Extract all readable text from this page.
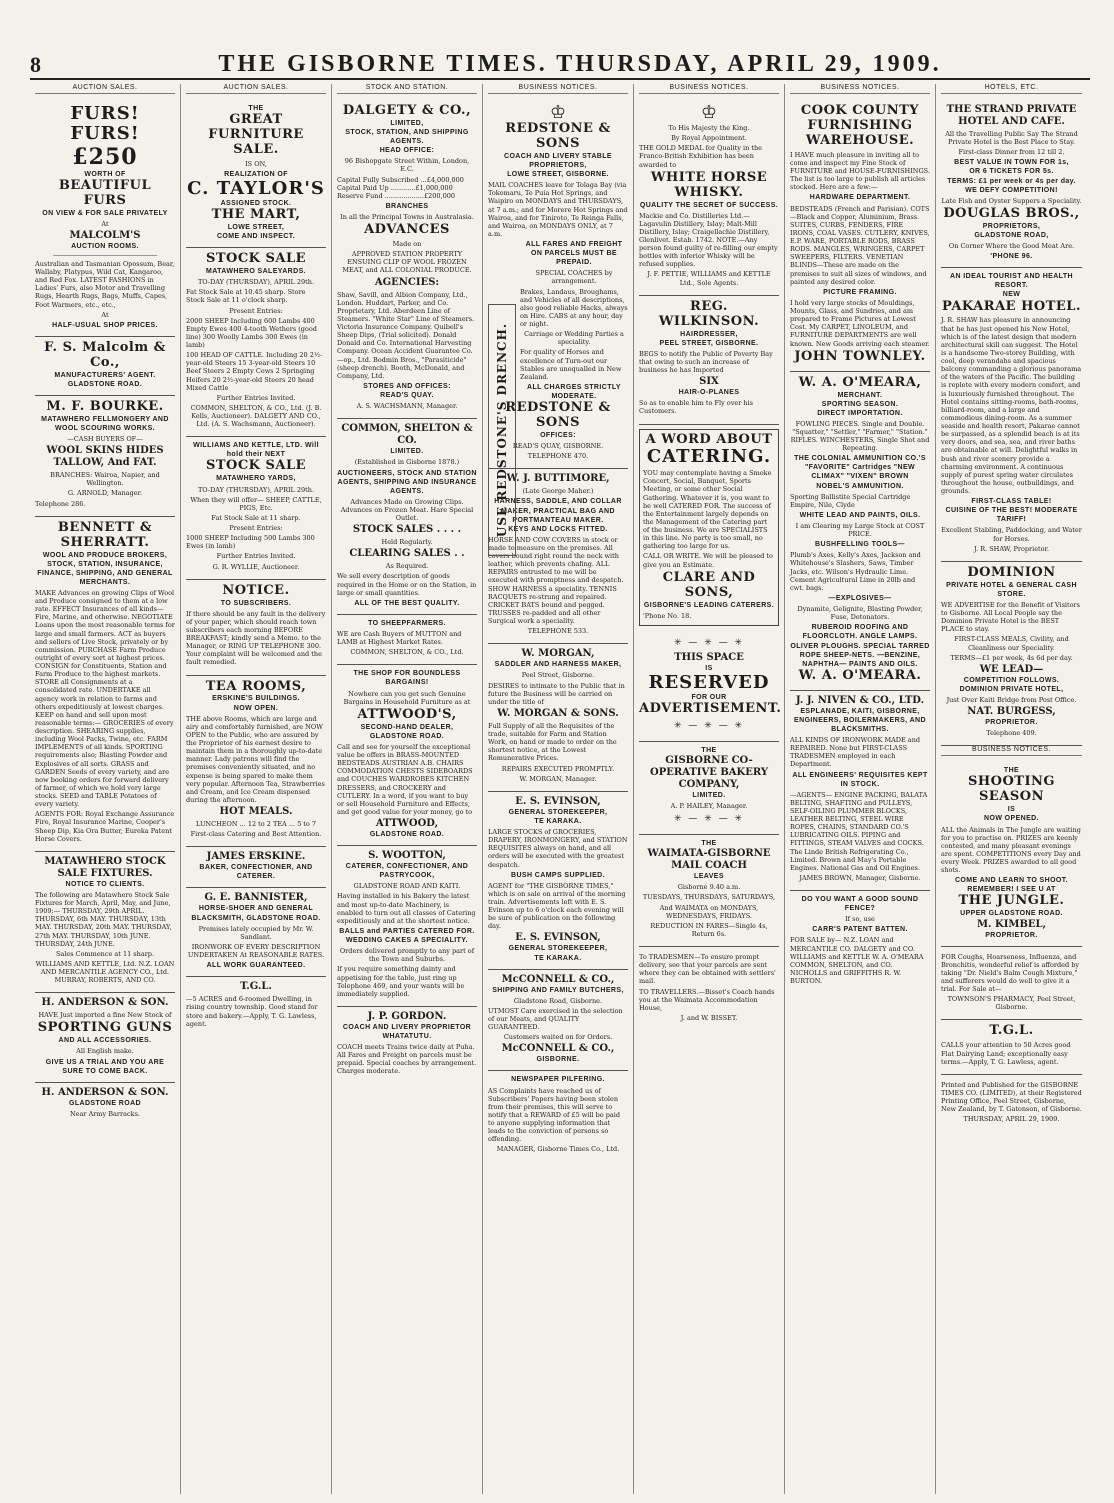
8	THE GISBORNE TIMES. THURSDAY, APRIL 29, 1909.
AUCTION SALES.
FURS! FURS!
£250
WORTH OF
BEAUTIFUL FURS
ON VIEW & FOR SALE PRIVATELY
At
MALCOLM'S
AUCTION ROOMS.
Australian and Tasmanian Opossum, Bear, Wallaby, Platypus, Wild Cat, Kangaroo, and Red Fox. LATEST FASHIONS in Ladies' Furs, also Motor and Travelling Rugs, Hearth Rugs, Bags, Muffs, Capes, Foot Warmers, etc., etc.,
At
HALF-USUAL SHOP PRICES.
F. S. Malcolm & Co.,
MANUFACTURERS' AGENT.
GLADSTONE ROAD.
M. F. BOURKE.
MATAWHERO FELLMONGERY AND WOOL SCOURING WORKS.
—CASH BUYERS OF—
WOOL SKINS HIDES TALLOW, And FAT.
BRANCHES: Wairoa, Napier, and Wellington.
G. ARNOLD, Manager.
Telephone 286.
BENNETT & SHERRATT.
WOOL AND PRODUCE BROKERS, STOCK, STATION, INSURANCE, FINANCE, SHIPPING, AND GENERAL MERCHANTS.
MAKE Advances on growing Clips of Wool and Produce consigned to them at a low rate. EFFECT Insurances of all kinds—Fire, Marine, and otherwise. NEGOTIATE Loans upon the most reasonable terms for large and small farmers. ACT as buyers and sellers of Live Stock, privately or by commission. PURCHASE Farm Produce outright of every sort at highest prices. CONSIGN for Constituents, Station and Farm Produce to the highest markets. STORE all Consignments at a consolidated rate. UNDERTAKE all agency work in relation to farms and others expeditiously at lowest charges. KEEP on hand and sell upon most reasonable terms:— GROCERIES of every description. SHEARING supplies, including Wool Packs, Twine, etc. FARM IMPLEMENTS of all kinds. SPORTING requirements also; Blasting Powder and Explosives of all sorts. GRASS and GARDEN Seeds of every variety, and are now booking orders for forward delivery of farmer, of which we hold very large stocks. SEED and TABLE Potatoes of every variety.
AGENTS FOR: Royal Exchange Assurance Fire, Royal Insurance Marine, Cooper's Sheep Dip, Kia Ora Butter, Eureka Patent Horse Covers.
MATAWHERO STOCK SALE FIXTURES.
NOTICE TO CLIENTS.
The following are Matawhero Stock Sale Fixtures for March, April, May, and June, 1909:— THURSDAY, 29th APRIL. THURSDAY, 6th MAY. THURSDAY, 13th MAY. THURSDAY, 20th MAY. THURSDAY, 27th MAY. THURSDAY, 10th JUNE. THURSDAY, 24th JUNE.
Sales Commence at 11 sharp.
WILLIAMS AND KETTLE, Ltd. N.Z. LOAN AND MERCANTILE AGENCY CO., Ltd. MURRAY, ROBERTS, AND CO.
H. ANDERSON & SON.
HAVE Just imported a fine New Stock of
SPORTING GUNS
AND ALL ACCESSORIES.
All English make.
GIVE US A TRIAL AND YOU ARE SURE TO COME BACK.
H. ANDERSON & SON.
GLADSTONE ROAD
Near Army Barracks.
AUCTION SALES.
THE
GREAT
FURNITURE
SALE.
IS ON,
REALIZATION OF
C. TAYLOR'S
ASSIGNED STOCK.
THE MART,
LOWE STREET,
COME AND INSPECT.
STOCK SALE
MATAWHERO SALEYARDS.
TO-DAY (THURSDAY), APRIL 29th.
Fat Stock Sale at 10.45 sharp. Store Stock Sale at 11 o'clock sharp.
Present Entries:
2000 SHEEP Including 600 Lambs 400 Empty Ewes 400 4-tooth Wethers (good line) 300 Woolly Lambs 300 Ewes (in lamb)
100 HEAD OF CATTLE. Including 20 2½-year-old Steers 15 3-year-old Steers 10 Beef Steers 2 Empty Cows 2 Springing Heifers 20 2½-year-old Steers 20 head Mixed Cattle
Further Entries Invited.
COMMON, SHELTON, & CO., Ltd. (J. B. Kells, Auctioneer). DALGETY AND CO., Ltd. (A. S. Wachsmann, Auctioneer).
WILLIAMS AND KETTLE, LTD. Will hold their NEXT
STOCK SALE
MATAWHERO YARDS,
TO-DAY (THURSDAY), APRIL 29th.
When they will offer— SHEEP, CATTLE, PIGS, Etc.
Fat Stock Sale at 11 sharp.
Present Entries:
1000 SHEEP Including 500 Lambs 300 Ewes (in lamb)
Further Entries Invited.
G. R. WYLLIE, Auctioneer.
NOTICE.
TO SUBSCRIBERS.
If there should be any fault in the delivery of your paper, which should reach town subscribers each morning BEFORE BREAKFAST; kindly send a Memo. to the Manager, or RING UP TELEPHONE 300. Your complaint will be welcomed and the fault remedied.
TEA ROOMS,
ERSKINE'S BUILDINGS.
NOW OPEN.
THE above Rooms, which are large and airy and comfortably furnished, are NOW OPEN to the Public, who are assured by the Proprietor of his earnest desire to maintain them in a thoroughly up-to-date manner. Lady patrons will find the premises conveniently situated, and no expense is being spared to make them very popular. Afternoon Tea, Strawberries and Cream, and Ice Cream dispensed during the afternoon.
HOT MEALS.
LUNCHEON ... 12 to 2 TEA ... 5 to 7
First-class Catering and Best Attention.
JAMES ERSKINE.
BAKER, CONFECTIONER, AND CATERER.
G. E. BANNISTER,
HORSE-SHOER AND GENERAL BLACKSMITH, GLADSTONE ROAD.
Premises lately occupied by Mr. W. Sandlant.
IRONWORK OF EVERY DESCRIPTION UNDERTAKEN At REASONABLE RATES.
ALL WORK GUARANTEED.
T.G.L.
—5 ACRES and 6-roomed Dwelling, in rising country township. Good stand for store and bakery.—Apply, T. G. Lawless, agent.
STOCK AND STATION.
DALGETY & CO.,
LIMITED,
STOCK, STATION, AND SHIPPING AGENTS.
HEAD OFFICE:
96 Bishopgate Street Within, London, E.C.
Capital Fully Subscribed ...£4,000,000 Capital Paid Up ............£1,000,000 Reserve Fund ...................£200,000
BRANCHES
In all the Principal Towns in Australasia.
ADVANCES
Made on
APPROVED STATION PROPERTY ENSUING CLIP OF WOOL FROZEN MEAT, and ALL COLONIAL PRODUCE.
AGENCIES:
Shaw, Savill, and Albion Company, Ltd., London. Huddart, Parker, and Co. Proprietary, Ltd. Aberdeen Line of Steamers. "White Star" Line of Steamers. Victoria Insurance Company. Quibell's Sheep Dips, (Trial solicited). Donald Donald and Co. International Harvesting Company. Ocean Accident Guarantee Co.—op., Ltd. Bodmin Bros., "Parasiticide" (sheep drench). Booth, McDonald, and Company, Ltd.
STORES AND OFFICES:
READ'S QUAY.
A. S. WACHSMANN, Manager.
COMMON, SHELTON & CO.
LIMITED.
(Established in Gisborne 1878.)
AUCTIONEERS, STOCK AND STATION AGENTS, SHIPPING AND INSURANCE AGENTS.
Advances Made on Growing Clips. Advances on Frozen Meat. Hare Special Outlet.
STOCK SALES . . . .
Held Regularly.
CLEARING SALES . .
As Required.
We sell every description of goods required in the Home or on the Station, in large or small quantities.
ALL OF THE BEST QUALITY.
TO SHEEPFARMERS.
WE are Cash Buyers of MUTTON and LAMB at Highest Market Rates.
COMMON, SHELTON, & CO., Ltd.
THE SHOP FOR BOUNDLESS BARGAINS!
Nowhere can you get such Genuine Bargains in Household Furniture as at
ATTWOOD'S,
SECOND-HAND DEALER, GLADSTONE ROAD.
Call and see for yourself the exceptional value be offers in BRASS-MOUNTED BEDSTEADS AUSTRIAN A.B. CHAIRS COMMODATION CHESTS SIDEBOARDS and COUCHES WARDROBES KITCHEN DRESSERS, and CROCKERY and CUTLERY. In a word, if you want to buy or sell Household Furniture and Effects, and get good value for your money, go to
ATTWOOD,
GLADSTONE ROAD.
S. WOOTTON,
CATERER, CONFECTIONER, AND PASTRYCOOK,
GLADSTONE ROAD AND KAITI.
Having installed in his Bakery the latest and most up-to-date Machinery, is enabled to turn out all classes of Catering expeditiously and at the shortest notice.
BALLS and PARTIES CATERED FOR.
WEDDING CAKES A SPECIALITY.
Orders delivered promptly to any part of the Town and Suburbs.
If you require something dainty and appetising for the table, just ring up Telephone 469, and your wants will be immediately supplied.
J. P. GORDON.
COACH AND LIVERY PROPRIETOR WHATATUTU.
COACH meets Trains twice daily at Puha. All Fares and Freight on parcels must be prepaid. Special coaches by arrangement. Charges moderate.
BUSINESS NOTICES.
USE REDSTONE'S DRENCH.
♔
REDSTONE & SONS
COACH AND LIVERY STABLE PROPRIETORS,
LOWE STREET, GISBORNE.
MAIL COACHES leave for Tolaga Bay (via Tokomaru, Te Puia Hot Springs, and Waipiro on MONDAYS and THURSDAYS, at 7 a.m.; and for Morere Hot Springs and Wairoa, and for Tiniroto, Te Reinga Falls, and Wairoa, on MONDAYS ONLY, at 7 a.m.
ALL FARES AND FREIGHT ON PARCELS MUST BE PREPAID.
SPECIAL COACHES by arrangement.
Brakes, Landaus, Broughams, and Vehicles of all descriptions, also good reliable Hacks, always on Hire. CABS at any hour, day or night.
Carriage or Wedding Parties a speciality.
For quality of Horses and excellence of Turn-out our Stables are unequalled in New Zealand.
ALL CHARGES STRICTLY MODERATE.
REDSTONE & SONS
OFFICES:
READ'S QUAY, GISBORNE.
TELEPHONE 470.
W. J. BUTTIMORE,
(Late George Maher.)
HARNESS, SADDLE, AND COLLAR MAKER, PRACTICAL BAG AND PORTMANTEAU MAKER.
KEYS AND LOCKS FITTED.
HORSE AND COW COVERS in stock or made to measure on the premises. All covers bound right round the neck with leather, which prevents chafing. ALL REPAIRS entrusted to me will be executed with promptness and despatch. SHOW HARNESS a speciality. TENNIS RACQUETS re-strung and repaired. CRICKET BATS bound and pegged. TRUSSES re-padded and all other Surgical work a speciality.
TELEPHONE 533.
W. MORGAN,
SADDLER AND HARNESS MAKER,
Peel Street, Gisborne.
DESIRES to intimate to the Public that in future the Business will be carried on under the title of
W. MORGAN & SONS.
Full Supply of all the Requisites of the trade, suitable for Farm and Station Work, on hand or made to order on the shortest notice, at the Lowest Remunerative Prices.
REPAIRS EXECUTED PROMPTLY.
W. MORGAN, Manager.
E. S. EVINSON,
GENERAL STOREKEEPER,
TE KARAKA.
LARGE STOCKS of GROCERIES, DRAPERY, IRONMONGERY, and STATION REQUISITES always on hand, and all orders will be executed with the greatest despatch.
BUSH CAMPS SUPPLIED.
AGENT for "THE GISBORNE TIMES," which is on sale on arrival of the morning train. Advertisements left with E. S. Evinson up to 6 o'clock each evening will be sure of publication on the following day.
E. S. EVINSON,
GENERAL STOREKEEPER,
TE KARAKA.
McCONNELL & CO.,
SHIPPING AND FAMILY BUTCHERS,
Gladstone Road, Gisborne.
UTMOST Care exercised in the selection of our Meats, and QUALITY GUARANTEED.
Customers waited on for Orders.
McCONNELL & CO.,
GISBORNE.
NEWSPAPER PILFERING.
AS Complaints have reached us of Subscribers' Papers having been stolen from their premises, this will serve to notify that a REWARD of £5 will be paid to anyone supplying information that leads to the conviction of persons so offending.
MANAGER, Gisborne Times Co., Ltd.
BUSINESS NOTICES.
♔
To His Majesty the King.
By Royal Appointment.
THE GOLD MEDAL for Quality in the Franco-British Exhibition has been awarded to
WHITE HORSE WHISKY.
QUALITY THE SECRET OF SUCCESS.
Mackie and Co. Distilleries Ltd.—Lagavulin Distillery, Islay; Malt-Mill Distillery, Islay; Craigellachie Distillery, Glenlivet. Estab. 1742. NOTE.—Any person found guilty of re-filling our empty bottles with inferior Whisky will be refused supplies.
J. F. PETTIE, WILLIAMS and KETTLE Ltd., Sole Agents.
REG. WILKINSON.
HAIRDRESSER,
PEEL STREET, GISBORNE.
BEGS to notify the Public of Poverty Bay that owing to such an increase of business he has Imported
SIX
HAIR-O-PLANES
So as to enable him to Fly over his Customers.
A WORD ABOUT
CATERING.
YOU may contemplate having a Smoke Concert, Social, Banquet, Sports Meeting, or some other Social Gathering. Whatever it is, you want to be well CATERED FOR. The success of the Entertainment largely depends on the Management of the Catering part of the business. We are SPECIALISTS in this line. No party is too small, no gathering too large for us.
CALL OR WRITE. We will be pleased to give you an Estimate.
CLARE AND SONS,
GISBORNE'S LEADING CATERERS.
'Phone No. 18.
✳ — ✳ — ✳
THIS SPACE
IS
RESERVED
FOR OUR
ADVERTISEMENT.
✳ — ✳ — ✳
THE
GISBORNE CO-OPERATIVE BAKERY COMPANY,
LIMITED.
A. P. HAILEY, Manager.
✳ — ✳ — ✳
THE
WAIMATA-GISBORNE MAIL COACH
LEAVES
Gisborne 9.40 a.m.
TUESDAYS, THURSDAYS, SATURDAYS,
And WAIMATA on MONDAYS, WEDNESDAYS, FRIDAYS.
REDUCTION IN FARES—Single 4s, Return 6s.
To TRADESMEN—To ensure prompt delivery, see that your parcels are sent where they can be obtained with settlers' mail.
TO TRAVELLERS.—Bisset's Coach hands you at the Waimata Accommodation House,
J. and W. BISSET.
BUSINESS NOTICES.
COOK COUNTY FURNISHING WAREHOUSE.
I HAVE much pleasure in inviting all to come and inspect my Fine Stock of FURNITURE and HOUSE-FURNISHINGS. The list is too large to publish all articles stocked. Here are a few:—
HARDWARE DEPARTMENT.
BEDSTEADS (French and Parisian). COTS—Black and Copper, Aluminium, Brass. SUITES, CURBS, FENDERS, FIRE IRONS, COAL VASES. CUTLERY, KNIVES, E.P. WARE, PORTABLE RODS, BRASS RODS. MANGLES, WRINGERS, CARPET SWEEPERS, FILTERS. VENETIAN BLINDS—These are made on the premises to suit all sizes of windows, and painted any desired color.
PICTURE FRAMING.
I hold very large stocks of Mouldings, Mounts, Glass, and Sundries, and am prepared to Frame Pictures at Lowest Cost. My CARPET, LINOLEUM, and FURNITURE DEPARTMENTS are well known. New Goods arriving each steamer.
JOHN TOWNLEY.
W. A. O'MEARA,
MERCHANT.
SPORTING SEASON.
DIRECT IMPORTATION.
FOWLING PIECES. Single and Double. "Squatter," "Settler," "Farmer," "Station." RIFLES. WINCHESTERS, Single Shot and Repeating.
THE COLONIAL AMMUNITION CO.'S "FAVORITE" Cartridges "NEW CLIMAX" "VIXEN" BROWN
NOBEL'S AMMUNITION.
Sporting Ballistite Special Cartridge Empire, Nile, Clyde
WHITE LEAD AND PAINTS, OILS.
I am Clearing my Large Stock at COST PRICE.
BUSHFELLING TOOLS—
Plumb's Axes, Kelly's Axes, Jackson and Whitehouse's Slashers, Saws, Timber Jacks, etc. Wilson's Hydraulic Lime. Cement Agricultural Lime in 20lb and cwt. bags.
—EXPLOSIVES—
Dynamite, Gelignite, Blasting Powder, Fuse, Detonators.
RUBEROID ROOFING AND FLOORCLOTH. ANGLE LAMPS. OLIVER PLOUGHS. SPECIAL TARRED ROPE SHEEP-NETS. —BENZINE, NAPHTHA— PAINTS AND OILS.
W. A. O'MEARA.
J. J. NIVEN & CO., LTD.
ESPLANADE, KAITI, GISBORNE,
ENGINEERS, BOILERMAKERS, AND BLACKSMITHS.
ALL KINDS OF IRONWORK MADE and REPAIRED. None but FIRST-CLASS TRADESMEN employed in each Department.
ALL ENGINEERS' REQUISITES KEPT IN STOCK.
—AGENTS— ENGINE PACKING, BALATA BELTING, SHAFTING and PULLEYS, SELF-OILING PLUMMER BLOCKS, LEATHER BELTING, STEEL WIRE ROPES, CHAINS, STANDARD CO.'S LUBRICATING OILS. PIPING and FITTINGS, STEAM VALVES and COCKS. The Linde British Refrigerating Co., Limited. Brown and May's Portable Engines. National Gas and Oil Engines.
JAMES BROWN, Manager, Gisborne.
DO YOU WANT A GOOD SOUND FENCE?
If so, use
CARR'S PATENT BATTEN.
FOR SALE by— N.Z. LOAN and MERCANTILE CO. DALGETY and CO. WILLIAMS and KETTLE W. A. O'MEARA COMMON, SHELTON, and CO. NICHOLLS and GRIFFITHS R. W. BURTON.
HOTELS, ETC.
THE STRAND PRIVATE HOTEL AND CAFE.
All the Travelling Public Say The Strand Private Hotel is the Best Place to Stay.
First-class Dinner from 12 till 2.
BEST VALUE IN TOWN FOR 1s,
OR 6 TICKETS FOR 5s.
TERMS: £1 per week or 4s per day.
WE DEFY COMPETITION!
Late Fish and Oyster Suppers a Speciality.
DOUGLAS BROS.,
PROPRIETORS,
GLADSTONE ROAD,
On Corner Where the Good Meat Are.
'PHONE 96.
AN IDEAL TOURIST AND HEALTH RESORT.
NEW
PAKARAE HOTEL.
J. R. SHAW has pleasure in announcing that he has just opened his New Hotel, which is of the latest design that modern architectural skill can suggest. The Hotel is a handsome Two-storey Building, with cool, deep verandahs and spacious balcony commanding a glorious panorama of the waters of the Pacific. The building is replete with every modern comfort, and is luxuriously furnished throughout. The Hotel contains sitting-rooms, bath-rooms, billiard-room, and a large and commodious dining-room. As a summer seaside and health resort, Pakarae cannot be surpassed, as a splendid beach is at its very doors, and sea, sea, and river baths are obtainable at will. Delightful walks in bush and river scenery provide a charming environment. A continuous supply of purest spring water circulates throughout the house, outbuildings, and grounds.
FIRST-CLASS TABLE!
CUISINE OF THE BEST! MODERATE TARIFF!
Excellent Stabling, Paddocking, and Water for Horses.
J. R. SHAW, Proprietor.
DOMINION
PRIVATE HOTEL & GENERAL CASH STORE.
WE ADVERTISE for the Benefit of Visitors to Gisborne. All Local People say the Dominion Private Hotel is the BEST PLACE to stay.
FIRST-CLASS MEALS, Civility, and Cleanliness our Speciality.
TERMS—£1 per week, 4s 6d per day.
WE LEAD—
COMPETITION FOLLOWS.
DOMINION PRIVATE HOTEL,
Just Over Kaiti Bridge from Post Office.
NAT. BURGESS,
PROPRIETOR.
Telephone 409.
BUSINESS NOTICES.
THE
SHOOTING SEASON
IS
NOW OPENED.
ALL the Animals in The Jungle are waiting for you to practise on. PRIZES are keenly contested, and many pleasant evenings are spent. COMPETITIONS every Day and every Week. PRIZES awarded to all good shots.
COME AND LEARN TO SHOOT.
REMEMBER! I SEE U AT
THE JUNGLE.
UPPER GLADSTONE ROAD.
M. KIMBEL,
PROPRIETOR.
FOR Coughs, Hoarseness, Influenza, and Bronchitis, wonderful relief is afforded by taking "Dr. Nield's Balm Cough Mixture," and sufferers would do well to give it a trial. For Sale at—
TOWNSON'S PHARMACY, Peel Street, Gisborne.
T.G.L.
CALLS your attention to 50 Acres good Flat Dairying Land; exceptionally easy terms.—Apply, T. G. Lawless, agent.
Printed and Published for the GISBORNE TIMES CO. (LIMITED), at their Registered Printing Office, Peel Street, Gisborne, New Zealand, by T. Gatonson, of Gisborne.
THURSDAY, APRIL 29, 1909.
